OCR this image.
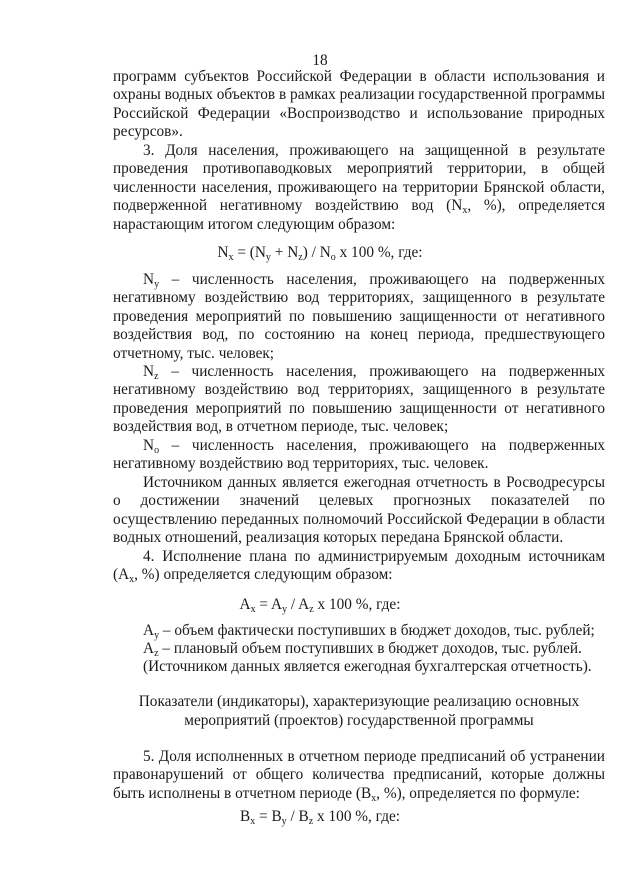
18

программ субъектов Российской Федерации в области использования и охраны водных объектов в рамках реализации государственной программы Российской Федерации «Воспроизводство и использование природных ресурсов».

3. Доля населения, проживающего на защищенной в результате проведения противопаводковых мероприятий территории, в общей численности населения, проживающего на территории Брянской области, подверженной негативному воздействию вод ($N_x$, %), определяется нарастающим итогом следующим образом:

$N_x = (N_y + N_z) / N_o$ x 100 %, где:

$N_y$ – численность населения, проживающего на подверженных негативному воздействию вод территориях, защищенного в результате проведения мероприятий по повышению защищенности от негативного воздействия вод, по состоянию на конец периода, предшествующего отчетному, тыс. человек;

$N_z$ – численность населения, проживающего на подверженных негативному воздействию вод территориях, защищенного в результате проведения мероприятий по повышению защищенности от негативного воздействия вод, в отчетном периоде, тыс. человек;

$N_o$ – численность населения, проживающего на подверженных негативному воздействию вод территориях, тыс. человек.

Источником данных является ежегодная отчетность в Росводресурсы о достижении значений целевых прогнозных показателей по осуществлению переданных полномочий Российской Федерации в области водных отношений, реализация которых передана Брянской области.

4. Исполнение плана по администрируемым доходным источникам ($A_x$, %) определяется следующим образом:

$A_x = A_y / A_z$ x 100 %, где:

$A_y$ – объем фактически поступивших в бюджет доходов, тыс. рублей;

$A_z$ – плановый объем поступивших в бюджет доходов, тыс. рублей.

(Источником данных является ежегодная бухгалтерская отчетность).

Показатели (индикаторы), характеризующие реализацию основных
мероприятий (проектов) государственной программы

5. Доля исполненных в отчетном периоде предписаний об устранении правонарушений от общего количества предписаний, которые должны быть исполнены в отчетном периоде ($B_x$, %), определяется по формуле:

$B_x = B_y / B_z$ x 100 %, где:
